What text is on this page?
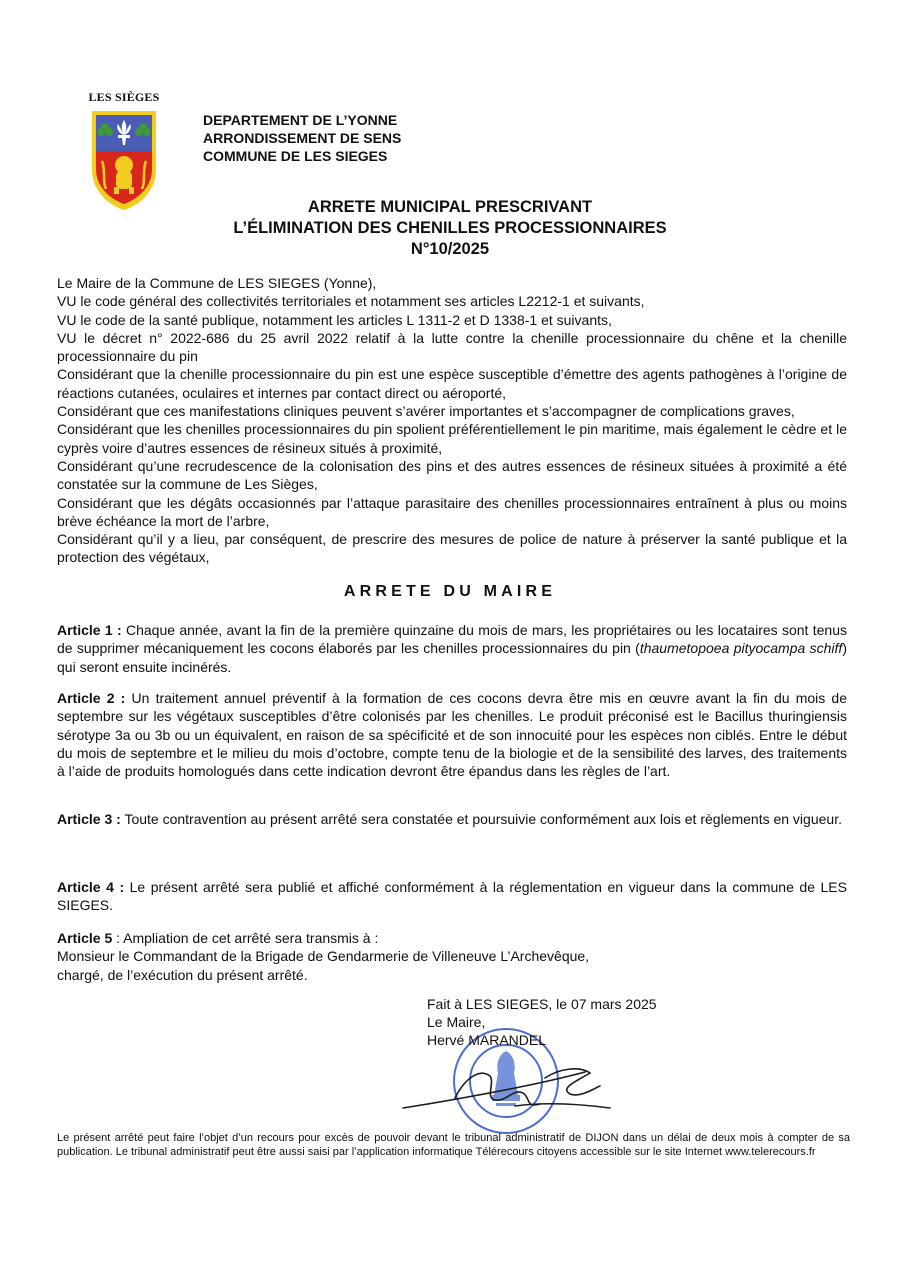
LES SIÈGES
DEPARTEMENT DE L’YONNE
ARRONDISSEMENT DE SENS
COMMUNE DE LES SIEGES
ARRETE MUNICIPAL PRESCRIVANT
L’ÉLIMINATION DES CHENILLES PROCESSIONNAIRES
N°10/2025

Le Maire de la Commune de LES SIEGES (Yonne),

VU le code général des collectivités territoriales et notamment ses articles L2212-1 et suivants,

VU le code de la santé publique, notamment les articles L 1311-2 et D 1338-1 et suivants,

VU le décret n° 2022-686 du 25 avril 2022 relatif à la lutte contre la chenille processionnaire du chêne et la chenille processionnaire du pin

Considérant que la chenille processionnaire du pin est une espèce susceptible d’émettre des agents pathogènes à l’origine de réactions cutanées, oculaires et internes par contact direct ou aéroporté,

Considérant que ces manifestations cliniques peuvent s’avérer importantes et s’accompagner de complications graves,

Considérant que les chenilles processionnaires du pin spolient préférentiellement le pin maritime, mais également le cèdre et le cyprès voire d’autres essences de résineux situés à proximité,

Considérant qu’une recrudescence de la colonisation des pins et des autres essences de résineux situées à proximité a été constatée sur la commune de Les Sièges,

Considérant que les dégâts occasionnés par l’attaque parasitaire des chenilles processionnaires entraînent à plus ou moins brève échéance la mort de l’arbre,

Considérant qu’il y a lieu, par conséquent, de prescrire des mesures de police de nature à préserver la santé publique et la protection des végétaux,

ARRETE DU MAIRE

Article 1 : Chaque année, avant la fin de la première quinzaine du mois de mars, les propriétaires ou les locataires sont tenus de supprimer mécaniquement les cocons élaborés par les chenilles processionnaires du pin (thaumetopoea pityocampa schiff) qui seront ensuite incinérés.

Article 2 : Un traitement annuel préventif à la formation de ces cocons devra être mis en œuvre avant la fin du mois de septembre sur les végétaux susceptibles d’être colonisés par les chenilles. Le produit préconisé est le Bacillus thuringiensis sérotype 3a ou 3b ou un équivalent, en raison de sa spécificité et de son innocuité pour les espèces non ciblés. Entre le début du mois de septembre et le milieu du mois d’octobre, compte tenu de la biologie et de la sensibilité des larves, des traitements à l’aide de produits homologués dans cette indication devront être épandus dans les règles de l’art.

Article 3 : Toute contravention au présent arrêté sera constatée et poursuivie conformément aux lois et règlements en vigueur.

Article 4 : Le présent arrêté sera publié et affiché conformément à la réglementation en vigueur dans la commune de LES SIEGES.

Article 5 : Ampliation de cet arrêté sera transmis à :

Monsieur le Commandant de la Brigade de Gendarmerie de Villeneuve L’Archevêque,

chargé, de l’exécution du présent arrêté.

Fait à LES SIEGES, le 07 mars 2025

Le Maire,

Hervé MARANDEL

Le présent arrêté peut faire l’objet d’un recours pour excès de pouvoir devant le tribunal administratif de DIJON dans un délai de deux mois à compter de sa publication. Le tribunal administratif peut être aussi saisi par l’application informatique Télérecours citoyens accessible sur le site Internet www.telerecours.fr
